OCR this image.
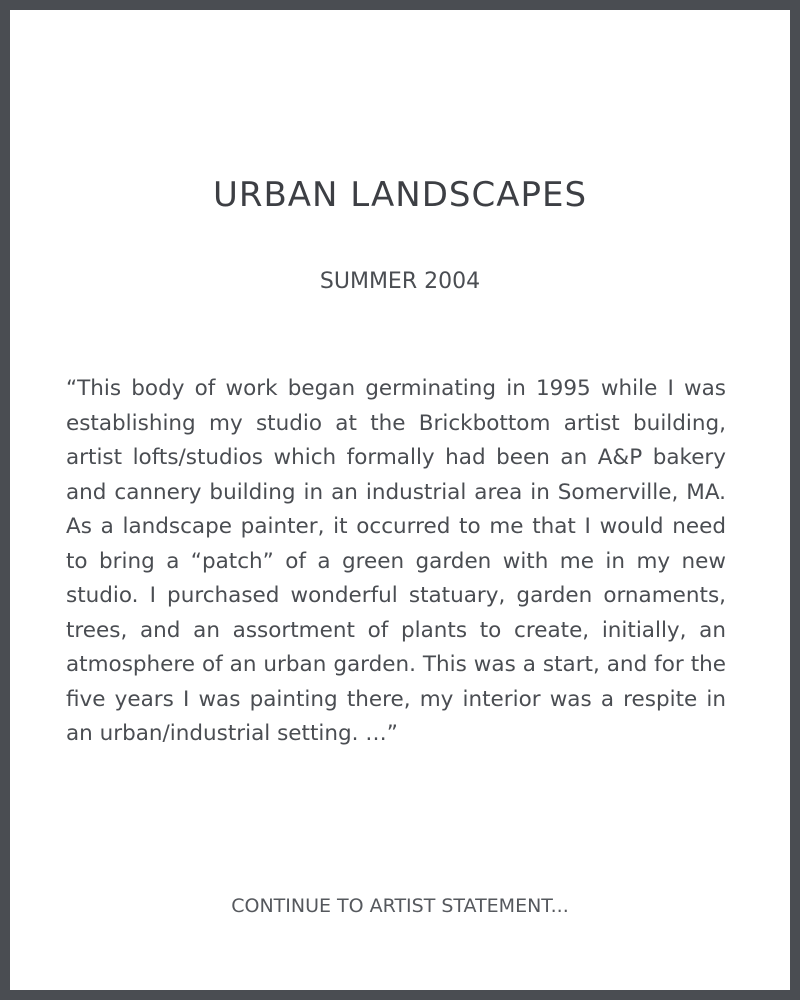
URBAN LANDSCAPES
SUMMER 2004

“This body of work began germinating in 1995 while I was establishing my studio at the Brickbottom artist building, artist lofts/studios which formally had been an A&P bakery and cannery building in an industrial area in Somerville, MA. As a landscape painter, it occurred to me that I would need to bring a “patch” of a green garden with me in my new studio. I purchased wonderful statuary, garden ornaments, trees, and an assortment of plants to create, initially, an atmosphere of an urban garden. This was a start, and for the five years I was painting there, my interior was a respite in an urban/industrial setting. …”

CONTINUE TO ARTIST STATEMENT...
